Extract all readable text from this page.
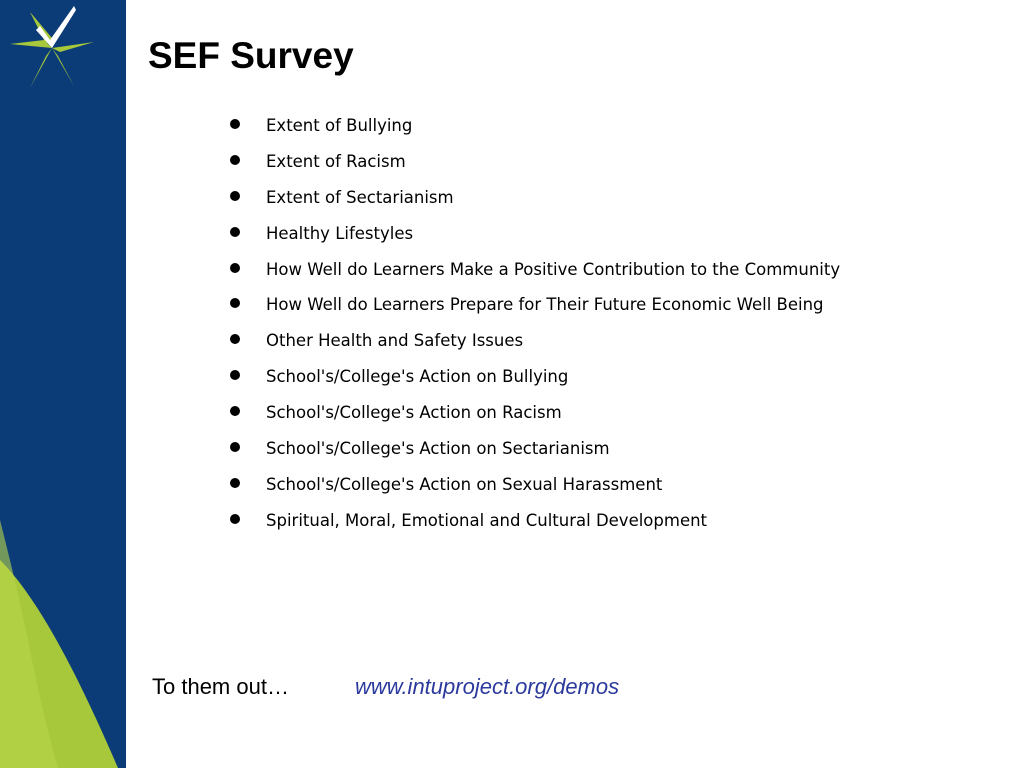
SEF Survey
Extent of Bullying
Extent of Racism
Extent of Sectarianism
Healthy Lifestyles
How Well do Learners Make a Positive Contribution to the Community
How Well do Learners Prepare for Their Future Economic Well Being
Other Health and Safety Issues
School's/College's Action on Bullying
School's/College's Action on Racism
School's/College's Action on Sectarianism
School's/College's Action on Sexual Harassment
Spiritual, Moral, Emotional and Cultural Development
To them out…	www.intuproject.org/demos
